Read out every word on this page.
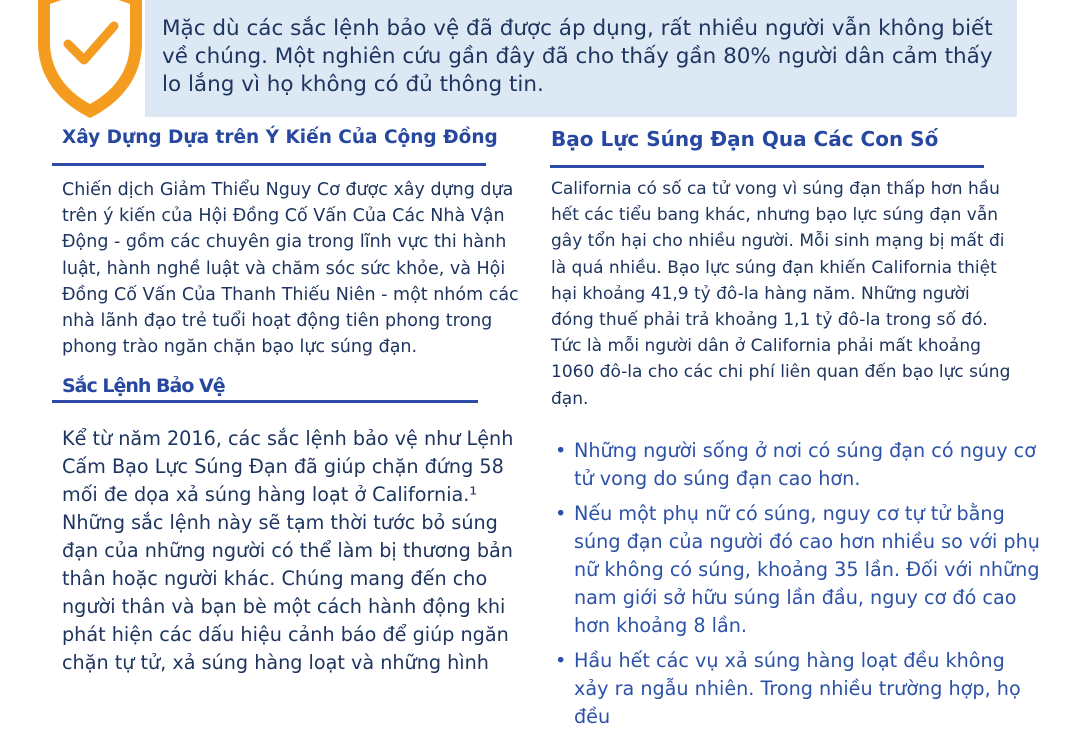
Mặc dù các sắc lệnh bảo vệ đã được áp dụng, rất nhiều người vẫn không biết về chúng. Một nghiên cứu gần đây đã cho thấy gần 80% người dân cảm thấy lo lắng vì họ không có đủ thông tin.
Xây Dựng Dựa trên Ý Kiến Của Cộng Đồng
Chiến dịch Giảm Thiểu Nguy Cơ được xây dựng dựa trên ý kiến của Hội Đồng Cố Vấn Của Các Nhà Vận Động - gồm các chuyên gia trong lĩnh vực thi hành luật, hành nghề luật và chăm sóc sức khỏe, và Hội Đồng Cố Vấn Của Thanh Thiếu Niên - một nhóm các nhà lãnh đạo trẻ tuổi hoạt động tiên phong trong phong trào ngăn chặn bạo lực súng đạn.
Sắc Lệnh Bảo Vệ
Kể từ năm 2016, các sắc lệnh bảo vệ như Lệnh Cấm Bạo Lực Súng Đạn đã giúp chặn đứng 58 mối đe dọa xả súng hàng loạt ở California.¹ Những sắc lệnh này sẽ tạm thời tước bỏ súng đạn của những người có thể làm bị thương bản thân hoặc người khác. Chúng mang đến cho người thân và bạn bè một cách hành động khi phát hiện các dấu hiệu cảnh báo để giúp ngăn chặn tự tử, xả súng hàng loạt và những hình
Bạo Lực Súng Đạn Qua Các Con Số
California có số ca tử vong vì súng đạn thấp hơn hầu hết các tiểu bang khác, nhưng bạo lực súng đạn vẫn gây tổn hại cho nhiều người. Mỗi sinh mạng bị mất đi là quá nhiều. Bạo lực súng đạn khiến California thiệt hại khoảng 41,9 tỷ đô-la hàng năm. Những người đóng thuế phải trả khoảng 1,1 tỷ đô-la trong số đó. Tức là mỗi người dân ở California phải mất khoảng 1060 đô-la cho các chi phí liên quan đến bạo lực súng đạn.
• Những người sống ở nơi có súng đạn có nguy cơ tử vong do súng đạn cao hơn.
• Nếu một phụ nữ có súng, nguy cơ tự tử bằng súng đạn của người đó cao hơn nhiều so với phụ nữ không có súng, khoảng 35 lần. Đối với những nam giới sở hữu súng lần đầu, nguy cơ đó cao hơn khoảng 8 lần.
• Hầu hết các vụ xả súng hàng loạt đều không xảy ra ngẫu nhiên. Trong nhiều trường hợp, họ đều
